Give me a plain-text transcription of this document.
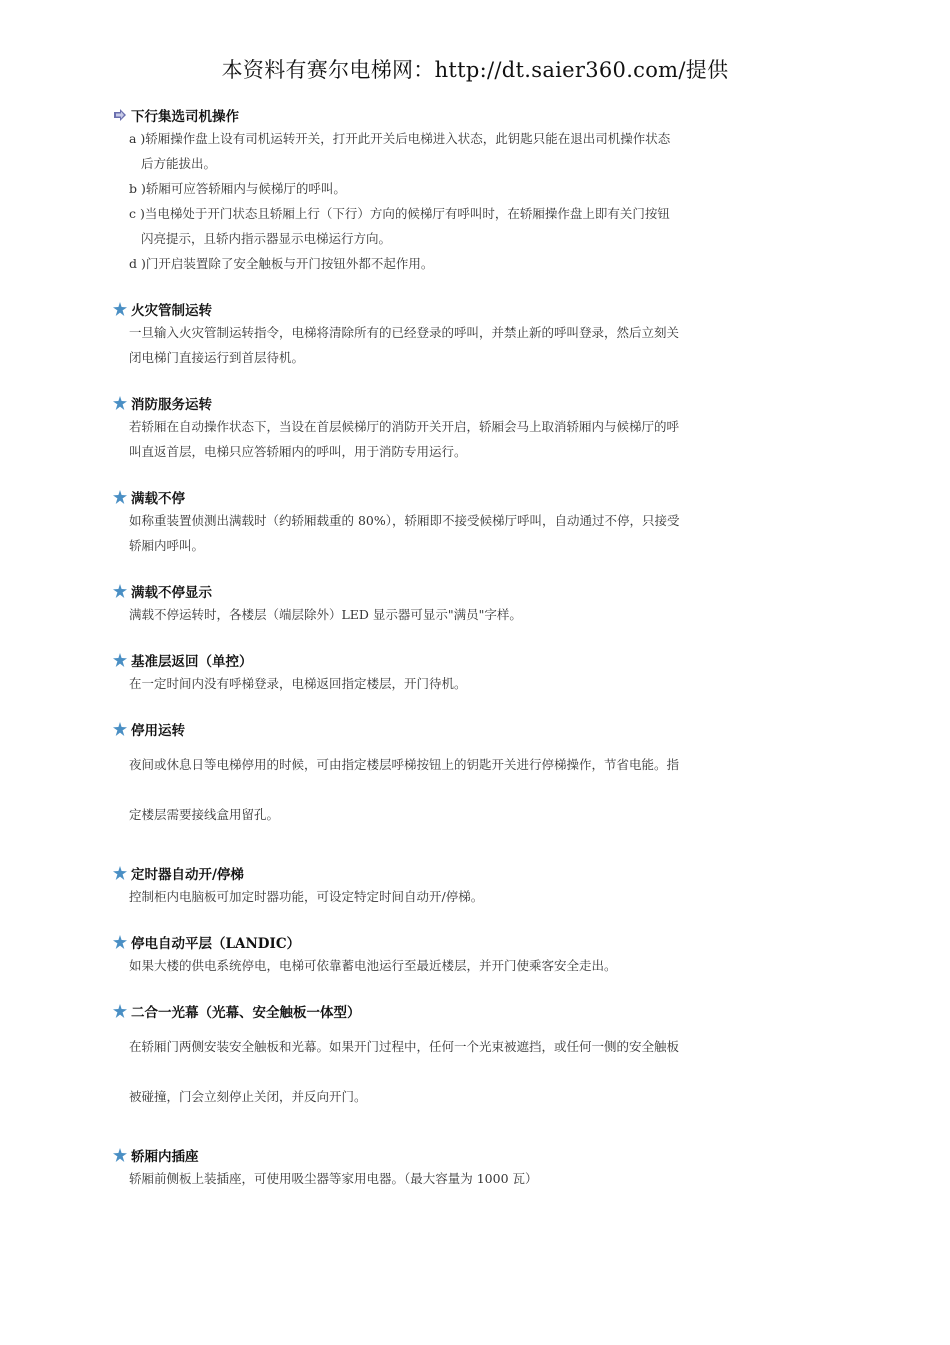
本资料有赛尔电梯网：http://dt.saier360.com/提供
下行集选司机操作
a )轿厢操作盘上设有司机运转开关，打开此开关后电梯进入状态，此钥匙只能在退出司机操作状态
后方能拔出。
b )轿厢可应答轿厢内与候梯厅的呼叫。
c )当电梯处于开门状态且轿厢上行（下行）方向的候梯厅有呼叫时，在轿厢操作盘上即有关门按钮
闪亮提示，且轿内指示器显示电梯运行方向。
d )门开启装置除了安全触板与开门按钮外都不起作用。
火灾管制运转

一旦输入火灾管制运转指令，电梯将清除所有的已经登录的呼叫，并禁止新的呼叫登录，然后立刻关
闭电梯门直接运行到首层待机。

消防服务运转

若轿厢在自动操作状态下，当设在首层候梯厅的消防开关开启，轿厢会马上取消轿厢内与候梯厅的呼
叫直返首层，电梯只应答轿厢内的呼叫，用于消防专用运行。

满载不停

如称重装置侦测出满载时（约轿厢载重的 80%），轿厢即不接受候梯厅呼叫，自动通过不停，只接受
轿厢内呼叫。

满载不停显示

满载不停运转时，各楼层（端层除外）LED 显示器可显示"满员"字样。

基准层返回（单控）

在一定时间内没有呼梯登录，电梯返回指定楼层，开门待机。

停用运转

夜间或休息日等电梯停用的时候，可由指定楼层呼梯按钮上的钥匙开关进行停梯操作，节省电能。指
定楼层需要接线盒用留孔。

定时器自动开/停梯

控制柜内电脑板可加定时器功能，可设定特定时间自动开/停梯。

停电自动平层（LANDIC）

如果大楼的供电系统停电，电梯可依靠蓄电池运行至最近楼层，并开门使乘客安全走出。

二合一光幕（光幕、安全触板一体型）

在轿厢门两侧安装安全触板和光幕。如果开门过程中，任何一个光束被遮挡，或任何一侧的安全触板
被碰撞，门会立刻停止关闭，并反向开门。

轿厢内插座

轿厢前侧板上装插座，可使用吸尘器等家用电器。（最大容量为 1000 瓦）
